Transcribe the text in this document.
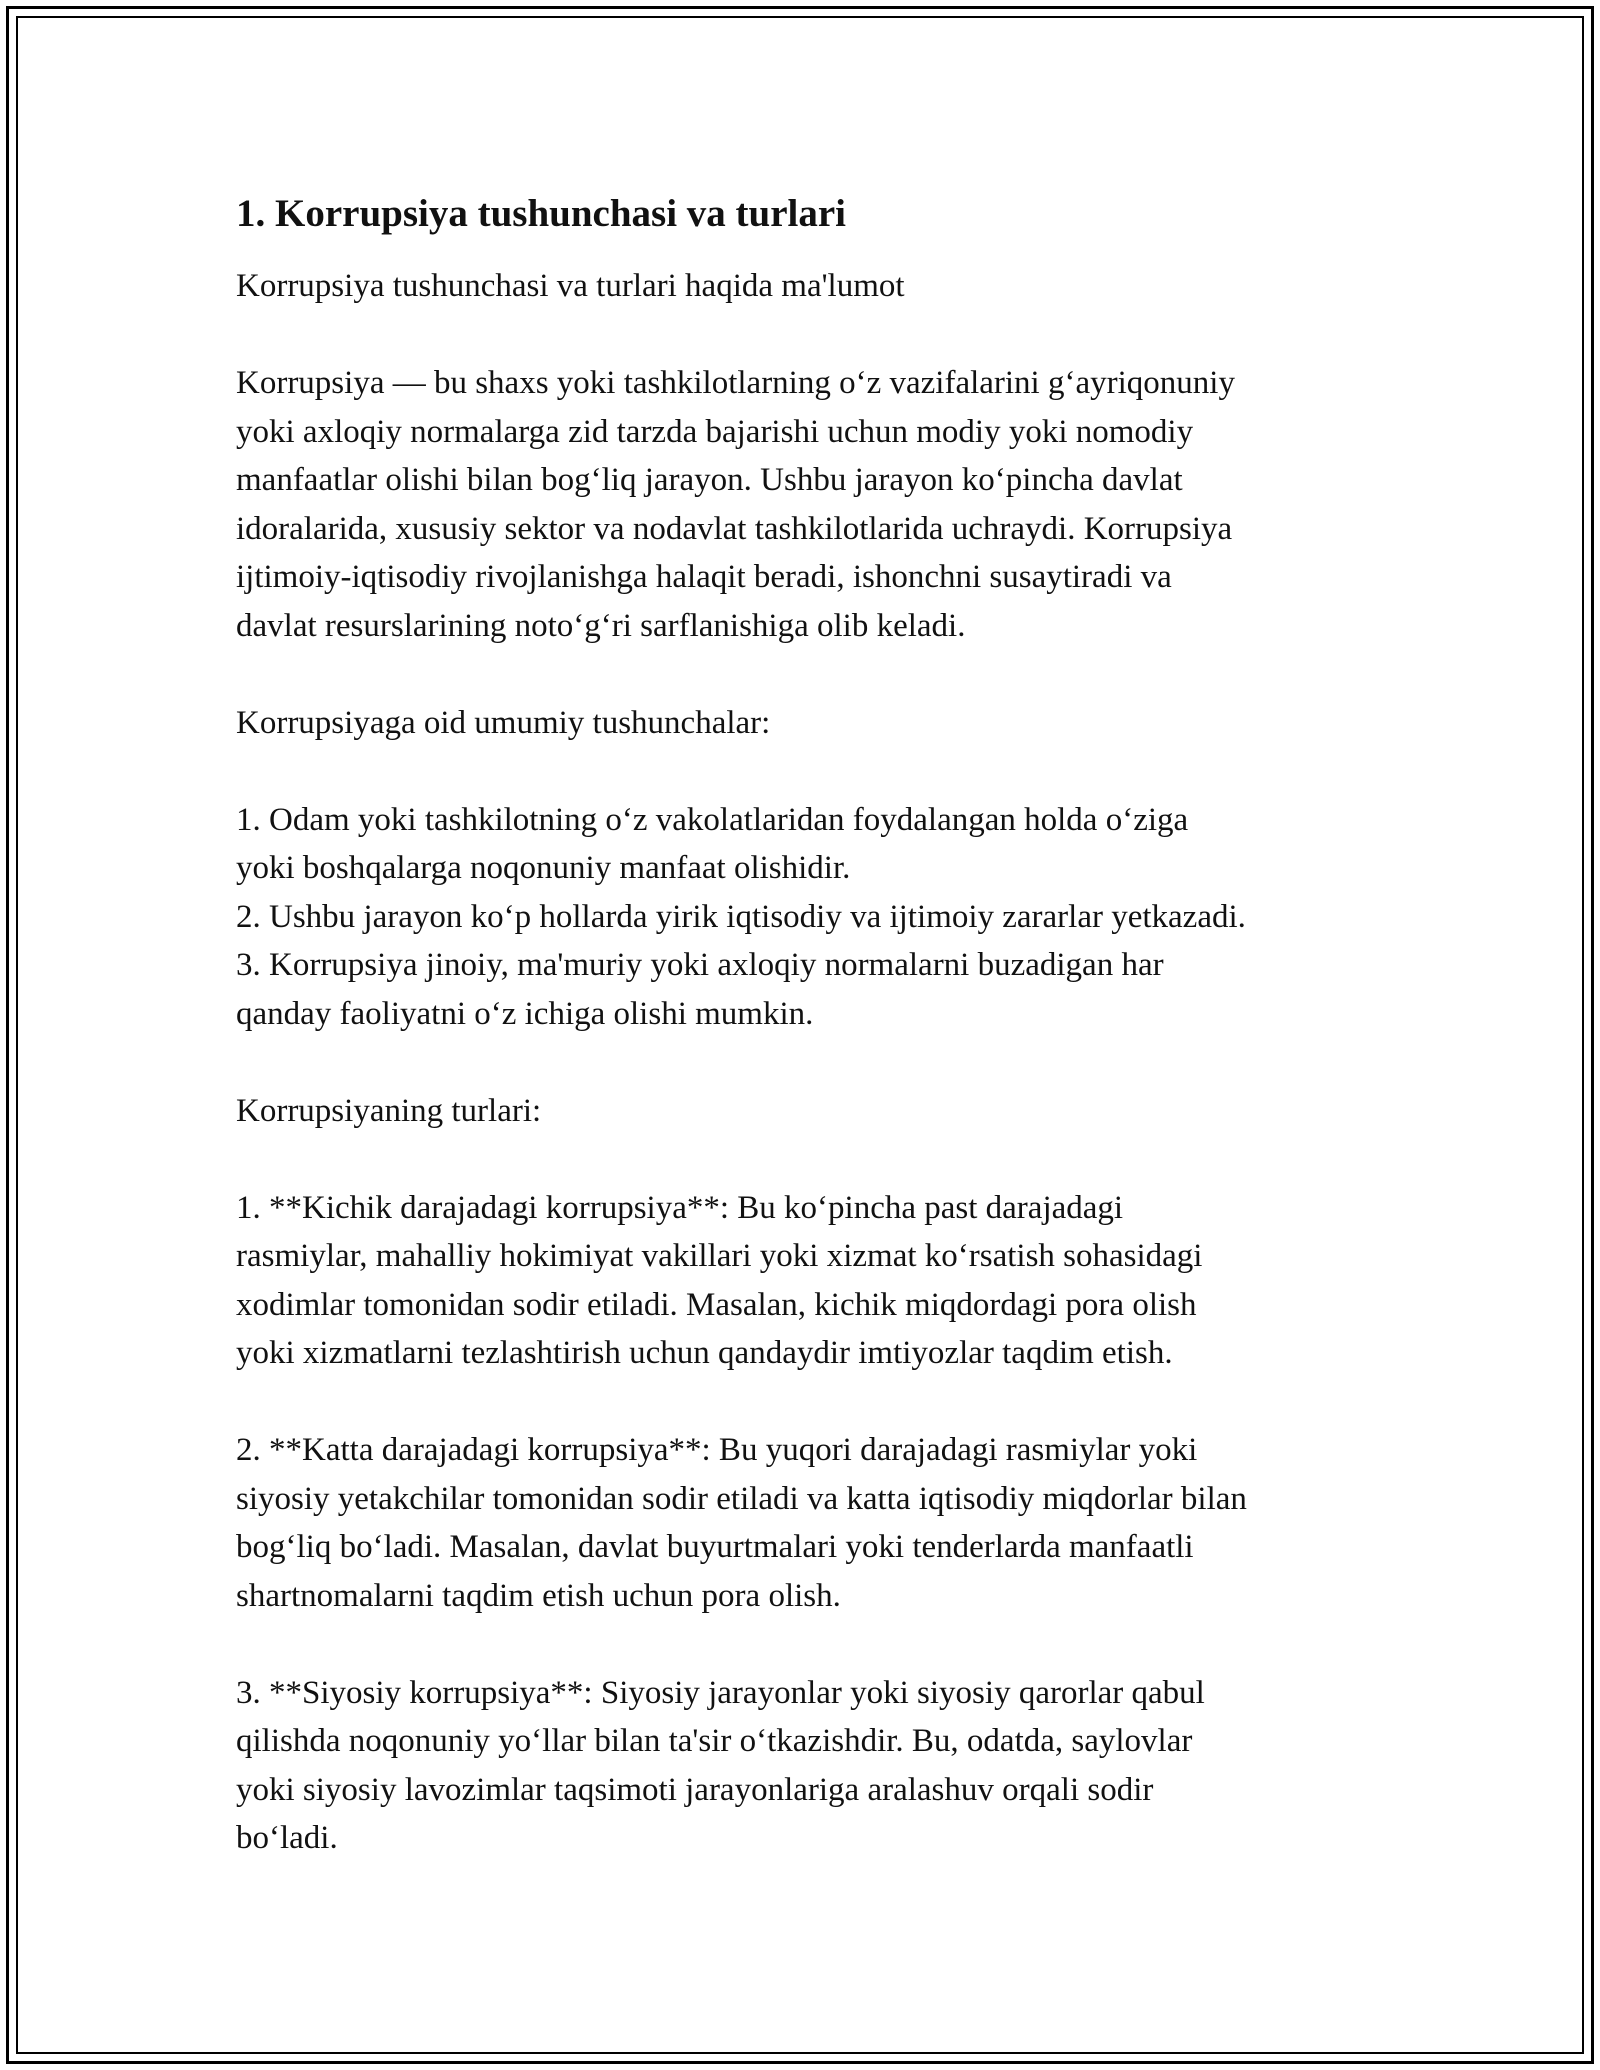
1. Korrupsiya tushunchasi va turlari

Korrupsiya tushunchasi va turlari haqida ma'lumot

Korrupsiya — bu shaxs yoki tashkilotlarning oʻz vazifalarini gʻayriqonuniy
yoki axloqiy normalarga zid tarzda bajarishi uchun modiy yoki nomodiy
manfaatlar olishi bilan bogʻliq jarayon. Ushbu jarayon koʻpincha davlat
idoralarida, xususiy sektor va nodavlat tashkilotlarida uchraydi. Korrupsiya
ijtimoiy-iqtisodiy rivojlanishga halaqit beradi, ishonchni susaytiradi va
davlat resurslarining notoʻgʻri sarflanishiga olib keladi.

Korrupsiyaga oid umumiy tushunchalar:

1. Odam yoki tashkilotning oʻz vakolatlaridan foydalangan holda oʻziga
yoki boshqalarga noqonuniy manfaat olishidir.
2. Ushbu jarayon koʻp hollarda yirik iqtisodiy va ijtimoiy zararlar yetkazadi.
3. Korrupsiya jinoiy, ma'muriy yoki axloqiy normalarni buzadigan har
qanday faoliyatni oʻz ichiga olishi mumkin.

Korrupsiyaning turlari:

1. **Kichik darajadagi korrupsiya**: Bu koʻpincha past darajadagi
rasmiylar, mahalliy hokimiyat vakillari yoki xizmat koʻrsatish sohasidagi
xodimlar tomonidan sodir etiladi. Masalan, kichik miqdordagi pora olish
yoki xizmatlarni tezlashtirish uchun qandaydir imtiyozlar taqdim etish.

2. **Katta darajadagi korrupsiya**: Bu yuqori darajadagi rasmiylar yoki
siyosiy yetakchilar tomonidan sodir etiladi va katta iqtisodiy miqdorlar bilan
bogʻliq boʻladi. Masalan, davlat buyurtmalari yoki tenderlarda manfaatli
shartnomalarni taqdim etish uchun pora olish.

3. **Siyosiy korrupsiya**: Siyosiy jarayonlar yoki siyosiy qarorlar qabul
qilishda noqonuniy yoʻllar bilan ta'sir oʻtkazishdir. Bu, odatda, saylovlar
yoki siyosiy lavozimlar taqsimoti jarayonlariga aralashuv orqali sodir
boʻladi.
